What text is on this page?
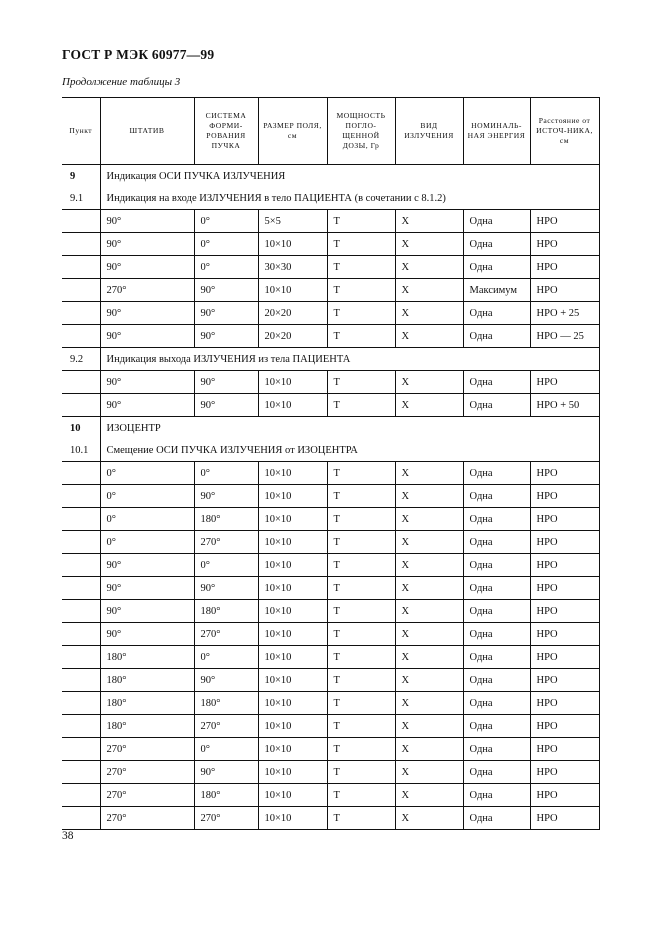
ГОСТ Р МЭК 60977—99
Продолжение таблицы 3
Пункт	ШТАТИВ	СИСТЕМА ФОРМИ-РОВАНИЯ ПУЧКА	РАЗМЕР ПОЛЯ, см	МОЩНОСТЬ ПОГЛО-ЩЕННОЙ ДОЗЫ, Гр	ВИД ИЗЛУЧЕНИЯ	НОМИНАЛЬ-НАЯ ЭНЕРГИЯ	Расстояние от ИСТОЧ-НИКА, см
9	Индикация ОСИ ПУЧКА ИЗЛУЧЕНИЯ						
9.1	Индикация на входе ИЗЛУЧЕНИЯ в тело ПАЦИЕНТА (в сочетании с 8.1.2)						
	90°	0°	5×5	T	X	Одна	НРО
	90°	0°	10×10	T	X	Одна	НРО
	90°	0°	30×30	T	X	Одна	НРО
	270°	90°	10×10	T	X	Максимум	НРО
	90°	90°	20×20	T	X	Одна	НРО + 25
	90°	90°	20×20	T	X	Одна	НРО — 25
9.2	Индикация выхода ИЗЛУЧЕНИЯ из тела ПАЦИЕНТА						
	90°	90°	10×10	T	X	Одна	НРО
	90°	90°	10×10	T	X	Одна	НРО + 50
10	ИЗОЦЕНТР						
10.1	Смещение ОСИ ПУЧКА ИЗЛУЧЕНИЯ от ИЗОЦЕНТРА						
	0°	0°	10×10	T	X	Одна	НРО
	0°	90°	10×10	T	X	Одна	НРО
	0°	180°	10×10	T	X	Одна	НРО
	0°	270°	10×10	T	X	Одна	НРО
	90°	0°	10×10	T	X	Одна	НРО
	90°	90°	10×10	T	X	Одна	НРО
	90°	180°	10×10	T	X	Одна	НРО
	90°	270°	10×10	T	X	Одна	НРО
	180°	0°	10×10	T	X	Одна	НРО
	180°	90°	10×10	T	X	Одна	НРО
	180°	180°	10×10	T	X	Одна	НРО
	180°	270°	10×10	T	X	Одна	НРО
	270°	0°	10×10	T	X	Одна	НРО
	270°	90°	10×10	T	X	Одна	НРО
	270°	180°	10×10	T	X	Одна	НРО
	270°	270°	10×10	T	X	Одна	НРО
38
